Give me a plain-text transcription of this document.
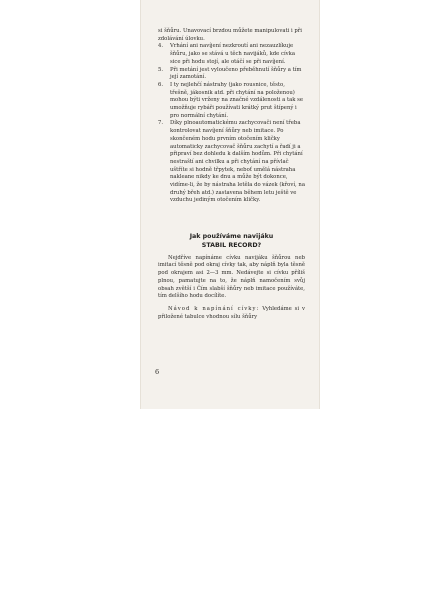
si šňůru. Unavovací brzdou můžete manipulovati i při zdolávání úlovku.

4. Vrhání ani navíjení nezkroutí ani nezauzlíkuje šňůru, jako se stává u těch navijáků, kde cívka sice při hodu stojí, ale otáčí se při navíjení.

5. Při metání jest vyloučeno přeběhnutí šňůry a tím její zamotání.

6. I ty nejlehčí nástrahy (jako rousnice, těsto, třešně, jákosnik atd. při chytání na položenou) mohou býti vrženy na značné vzdálenosti a tak se umožňuje rybáři používati krátký prut štípený i pro normální chytání.

7. Díky plnoautomatickému zachycovači není třeba kontrolovat navíjení šňůry neb imitace. Po skončeném hodu prvním otočením kličky automaticky zachycovač šňůru zachytí a řadí ji a připraví bez dohledu k dalším hodům. Při chytání nestraští ani chvilku a při chytání na přívlač uštříte si hodně třpytek, neboť umělá nástraha nakleane nikdy ke dnu a může být dokonce, vidíme-li, že by nástraha letěla do vázek (křoví, na druhý břeh atd.) zastavena během letu ještě ve vzduchu jediným otočením kličky.

Jak používáme navijáku
STABIL RECORD?

Nejdříve napínáme cívku navijáku šňůrou neb imitací těsně pod okraj cívky tak, aby náplň byla těsně pod okrajem asi 2—3 mm. Nedávejte si cívku příliš plnou, pamatujte na to, že náplň namočením svůj obsah zvětší i Čím slabší šňůry neb imitace používáte, tím delšího hodu docílíte.

Návod k napínání cívky: Vyhledáme si v přiložené tabulce vhodnou sílu šňůry

6
